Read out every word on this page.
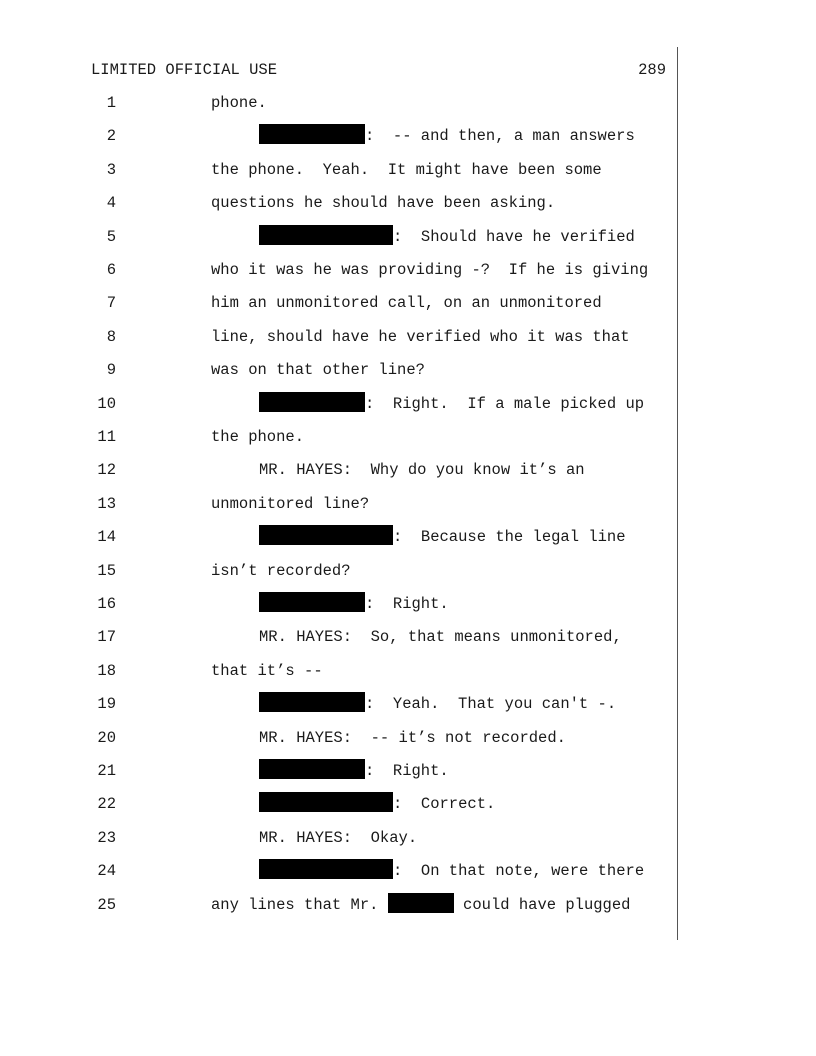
LIMITED OFFICIAL USE	289
1	phone.
2	:  -- and then, a man answers
3	the phone.  Yeah.  It might have been some
4	questions he should have been asking.
5	:  Should have he verified
6	who it was he was providing -?  If he is giving
7	him an unmonitored call, on an unmonitored
8	line, should have he verified who it was that
9	was on that other line?
10	:  Right.  If a male picked up
11	the phone.
12	MR. HAYES:  Why do you know it’s an
13	unmonitored line?
14	:  Because the legal line
15	isn’t recorded?
16	:  Right.
17	MR. HAYES:  So, that means unmonitored,
18	that it’s --
19	:  Yeah.  That you can't -.
20	MR. HAYES:  -- it’s not recorded.
21	:  Right.
22	:  Correct.
23	MR. HAYES:  Okay.
24	:  On that note, were there
25	any lines that Mr.	could have plugged
